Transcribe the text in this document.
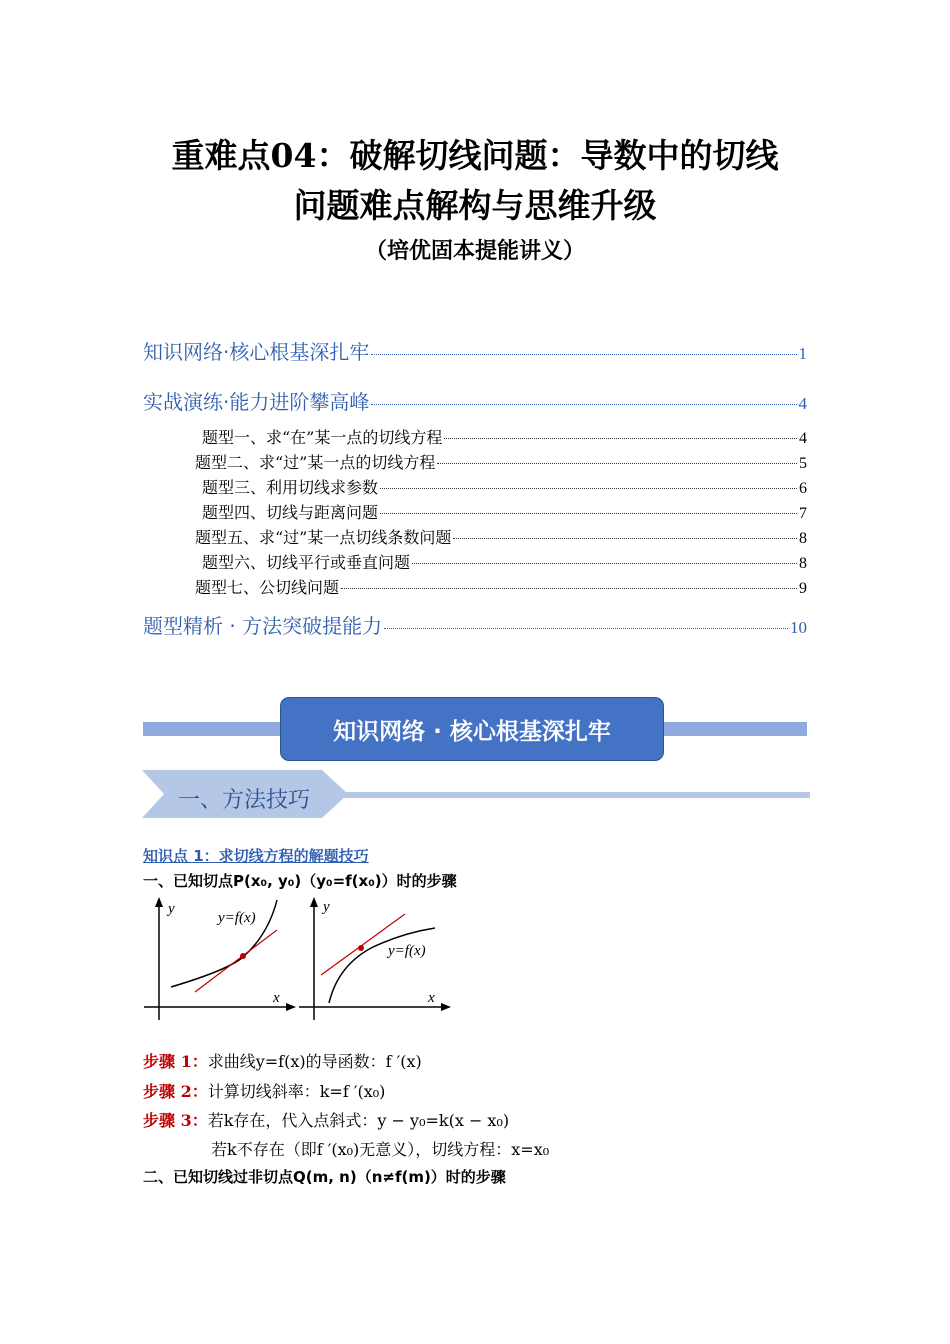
重难点04：破解切线问题：导数中的切线
问题难点解构与思维升级
（培优固本提能讲义）
知识网络·核心根基深扎牢	1
实战演练·能力进阶攀高峰	4
题型一、求“在”某一点的切线方程	4
题型二、求“过”某一点的切线方程	5
题型三、利用切线求参数	6
题型四、切线与距离问题	7
题型五、求“过”某一点切线条数问题	8
题型六、切线平行或垂直问题	8
题型七、公切线问题	9
题型精析 · 方法突破提能力	10
知识网络 · 核心根基深扎牢
一、方法技巧
知识点 1：求切线方程的解题技巧
一、已知切点P(x₀, y₀)（y₀=f(x₀)）时的步骤
y
y=f(x)
x
y
y=f(x)
x
步骤 1：求曲线y=f(x)的导函数：f ′(x)
步骤 2：计算切线斜率：k=f ′(x₀)
步骤 3：若k存在，代入点斜式：y − y₀=k(x − x₀)
若k不存在（即f ′(x₀)无意义），切线方程：x=x₀
二、已知切线过非切点Q(m, n)（n≠f(m)）时的步骤
